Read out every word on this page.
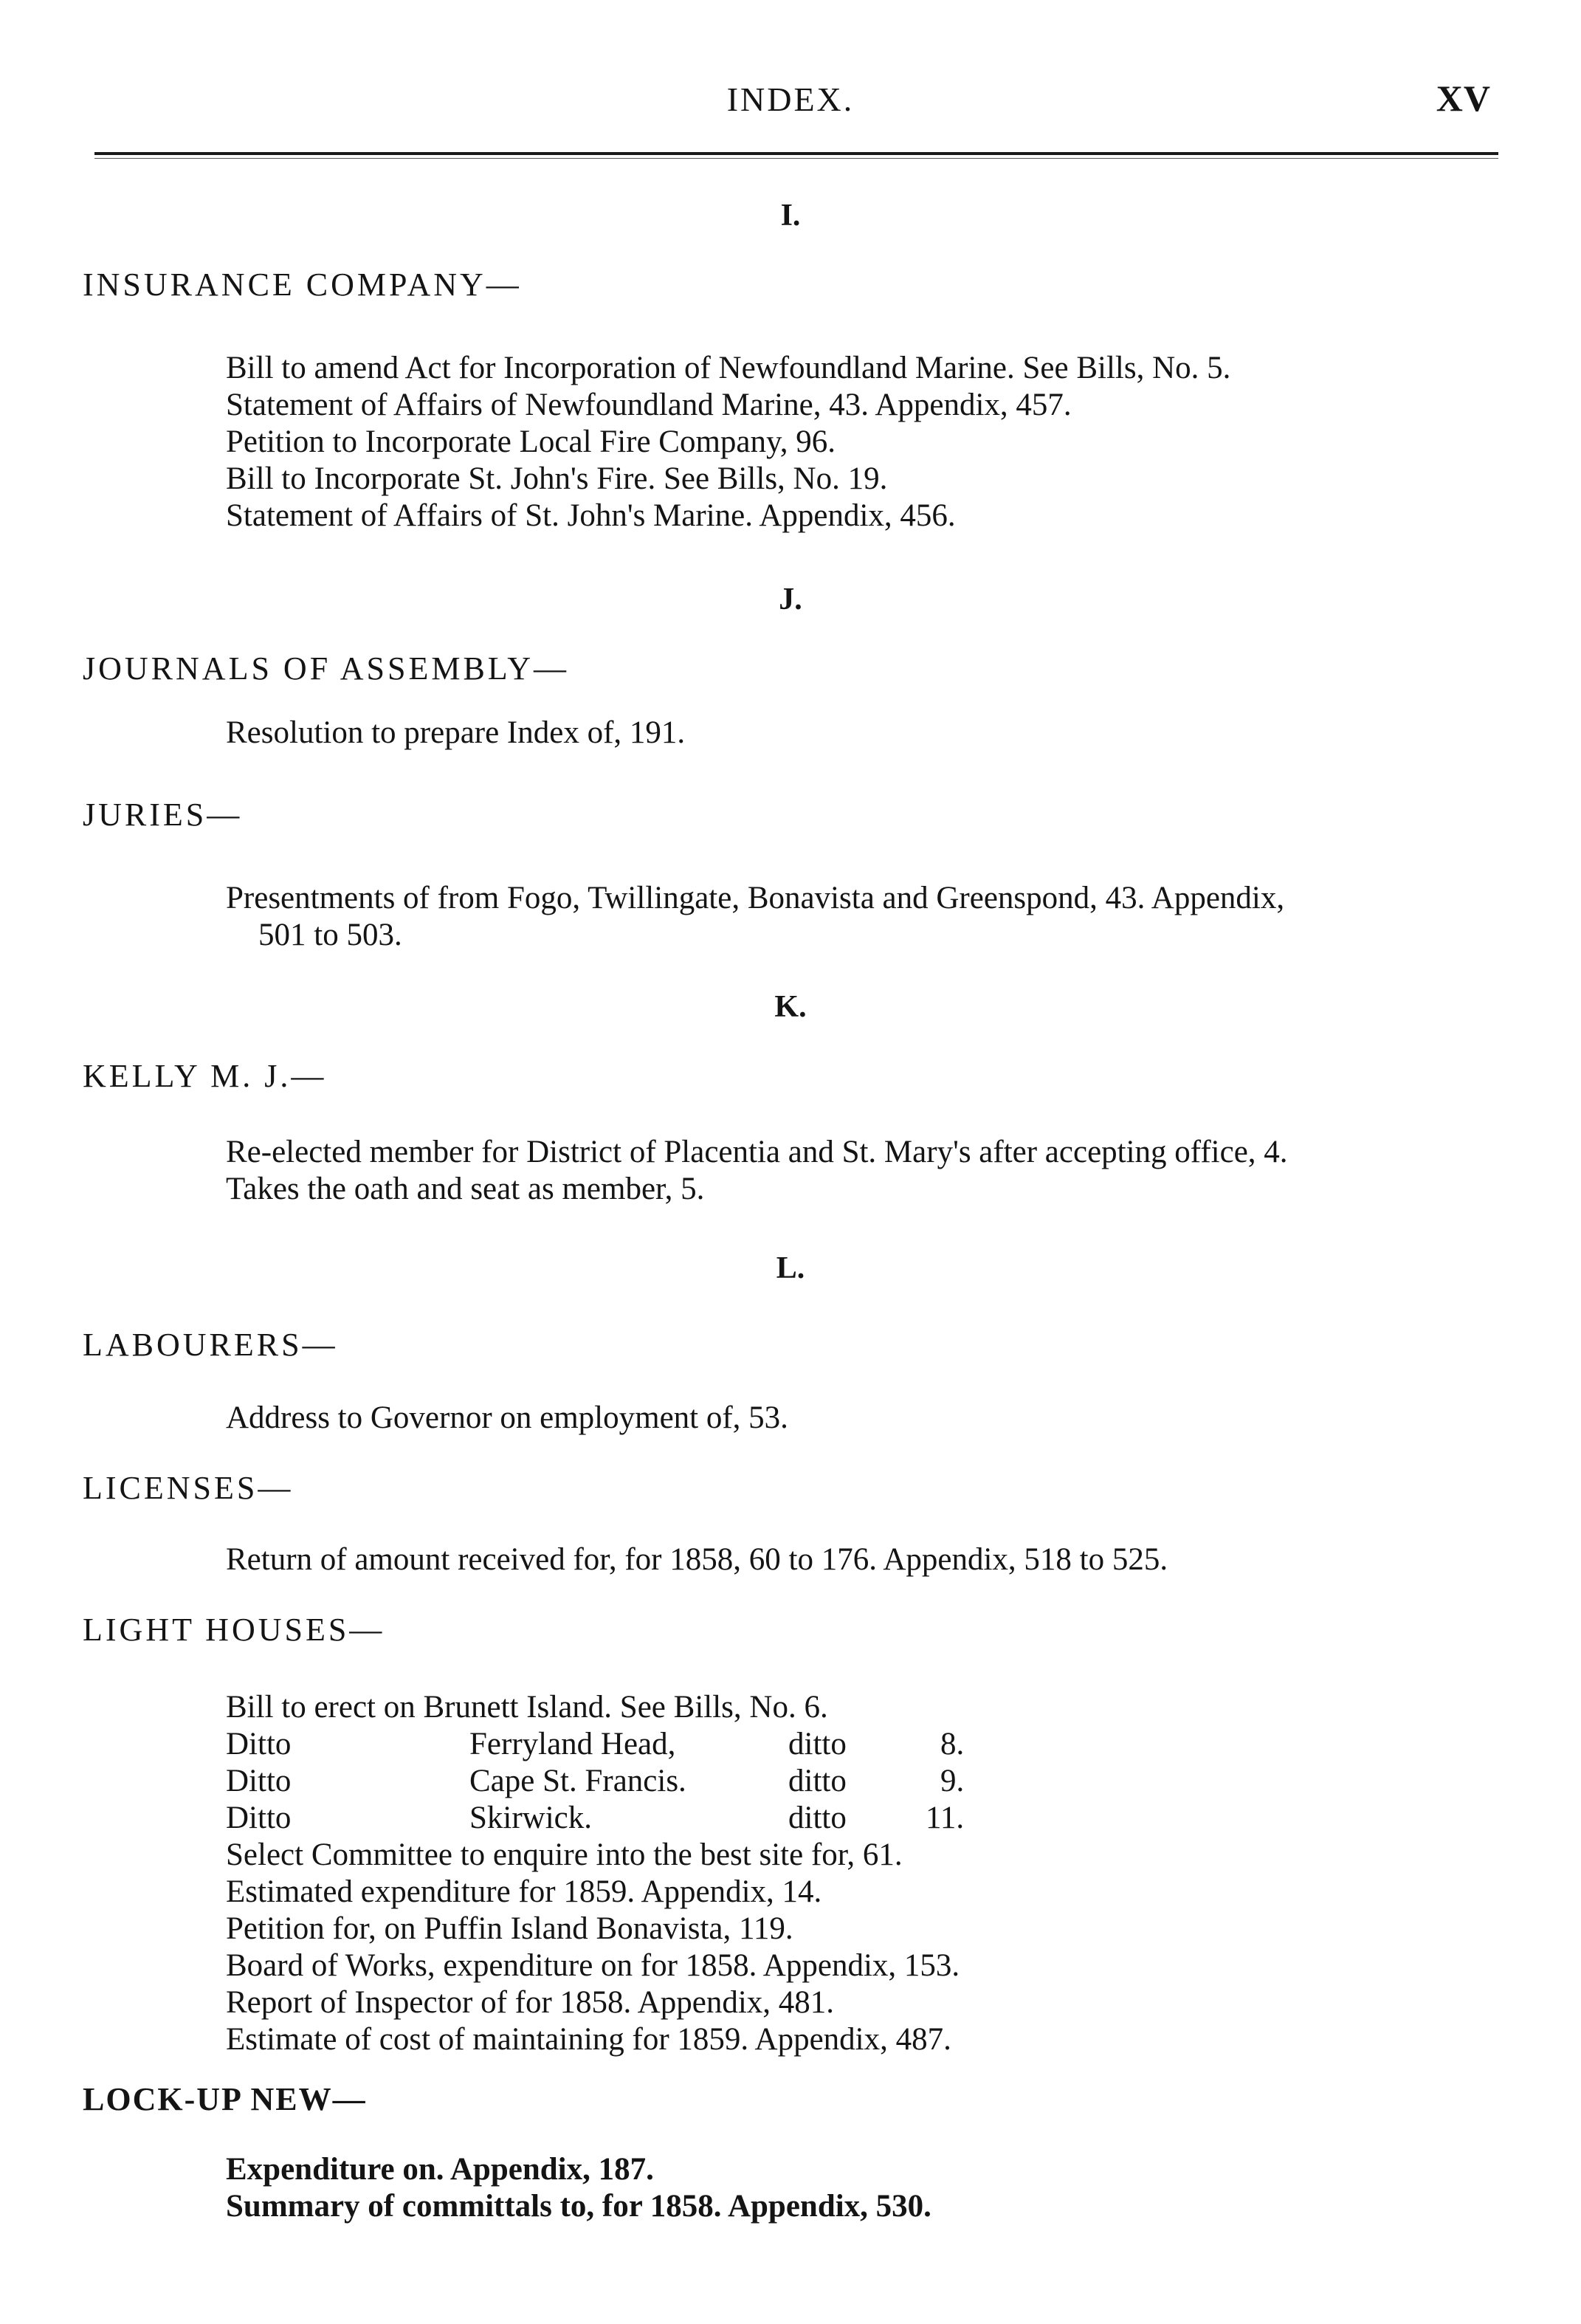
INDEX.	XV
I.
INSURANCE COMPANY—
Bill to amend Act for Incorporation of Newfoundland Marine. See Bills, No. 5.
Statement of Affairs of Newfoundland Marine, 43. Appendix, 457.
Petition to Incorporate Local Fire Company, 96.
Bill to Incorporate St. John's Fire. See Bills, No. 19.
Statement of Affairs of St. John's Marine. Appendix, 456.
J.
JOURNALS OF ASSEMBLY—
Resolution to prepare Index of, 191.
JURIES—
Presentments of from Fogo, Twillingate, Bonavista and Greenspond, 43. Appendix,
501 to 503.
K.
KELLY M. J.—
Re-elected member for District of Placentia and St. Mary's after accepting office, 4.
Takes the oath and seat as member, 5.
L.
LABOURERS—
Address to Governor on employment of, 53.
LICENSES—
Return of amount received for, for 1858, 60 to 176. Appendix, 518 to 525.
LIGHT HOUSES—
Bill to erect on Brunett Island. See Bills, No. 6.
Ditto	Ferryland Head,	ditto	8.
Ditto	Cape St. Francis.	ditto	9.
Ditto	Skirwick.	ditto 11.
Select Committee to enquire into the best site for, 61.
Estimated expenditure for 1859. Appendix, 14.
Petition for, on Puffin Island Bonavista, 119.
Board of Works, expenditure on for 1858. Appendix, 153.
Report of Inspector of for 1858. Appendix, 481.
Estimate of cost of maintaining for 1859. Appendix, 487.
LOCK-UP NEW—
Expenditure on. Appendix, 187.
Summary of committals to, for 1858. Appendix, 530.
